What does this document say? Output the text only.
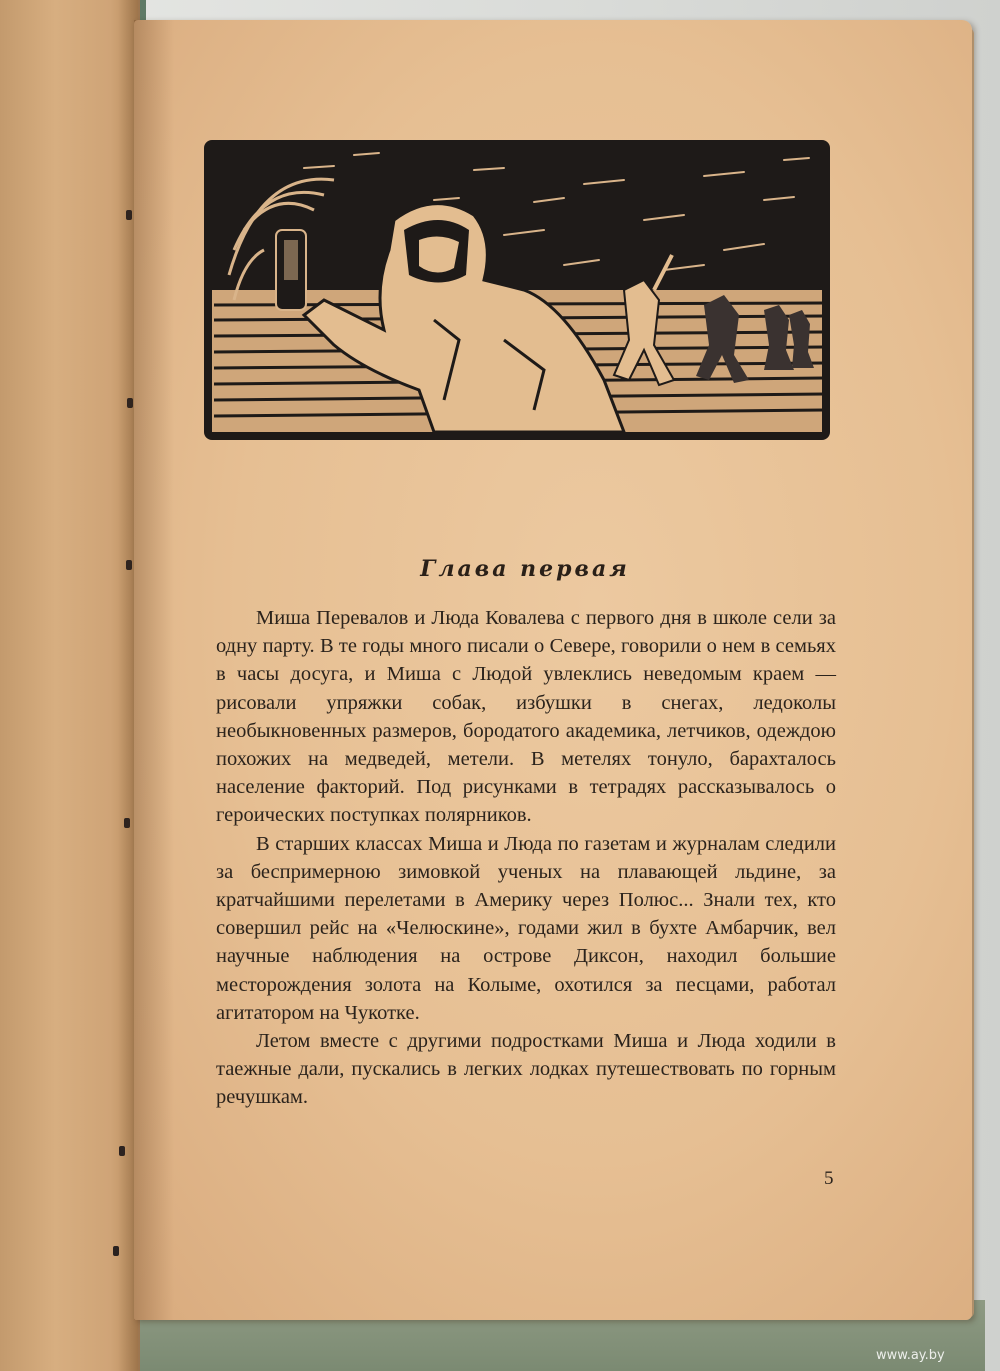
Глава первая

Миша Перевалов и Люда Ковалева с первого дня в школе сели за одну парту. В те годы много писали о Севере, говорили о нем в семьях в часы досуга, и Миша с Людой увлеклись неведомым краем — рисовали упряжки собак, избушки в снегах, ледоколы необыкновенных размеров, бородатого академика, летчиков, одеждою похожих на медведей, метели. В метелях тонуло, барахталось население факторий. Под рисунками в тетрадях рассказывалось о героических поступках полярников.

В старших классах Миша и Люда по газетам и журналам следили за беспримерною зимовкой ученых на плавающей льдине, за кратчайшими перелетами в Америку через Полюс... Знали тех, кто совершил рейс на «Челюскине», годами жил в бухте Амбарчик, вел научные наблюдения на острове Диксон, находил большие месторождения золота на Колыме, охотился за песцами, работал агитатором на Чукотке.

Летом вместе с другими подростками Миша и Люда ходили в таежные дали, пускались в легких лодках путешествовать по горным речушкам.

5
www.ay.by
